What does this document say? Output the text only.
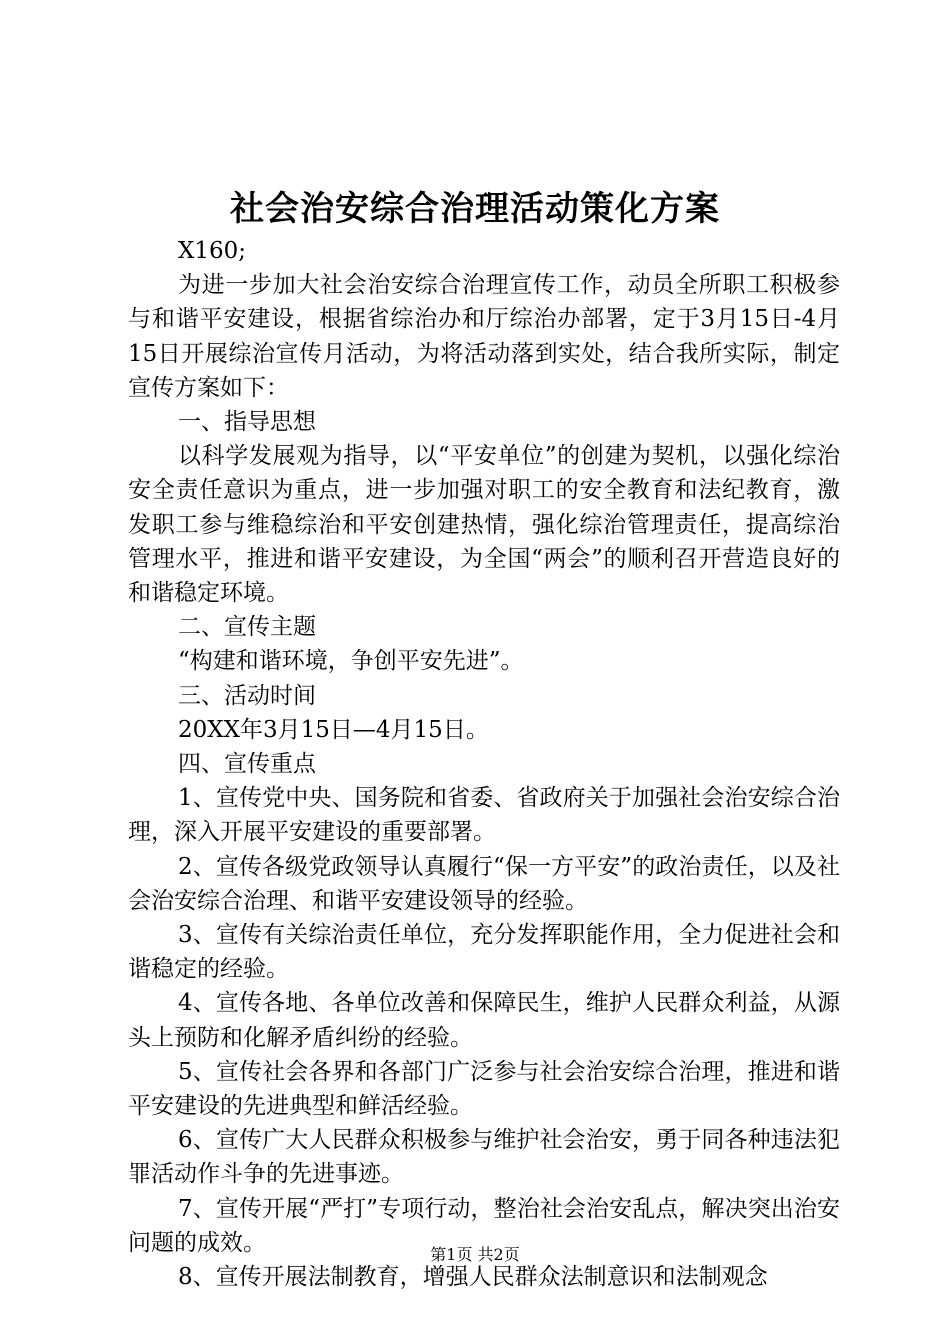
社会治安综合治理活动策化方案

X160;

为进一步加大社会治安综合治理宣传工作，动员全所职工积极参与和谐平安建设，根据省综治办和厅综治办部署，定于3月15日-4月15日开展综治宣传月活动，为将活动落到实处，结合我所实际，制定宣传方案如下：

一、指导思想

以科学发展观为指导，以“平安单位”的创建为契机，以强化综治安全责任意识为重点，进一步加强对职工的安全教育和法纪教育，激发职工参与维稳综治和平安创建热情，强化综治管理责任，提高综治管理水平，推进和谐平安建设，为全国“两会”的顺利召开营造良好的和谐稳定环境。

二、宣传主题

“构建和谐环境，争创平安先进”。

三、活动时间

20XX年3月15日—4月15日。

四、宣传重点

1、宣传党中央、国务院和省委、省政府关于加强社会治安综合治理，深入开展平安建设的重要部署。

2、宣传各级党政领导认真履行“保一方平安”的政治责任，以及社会治安综合治理、和谐平安建设领导的经验。

3、宣传有关综治责任单位，充分发挥职能作用，全力促进社会和谐稳定的经验。

4、宣传各地、各单位改善和保障民生，维护人民群众利益，从源头上预防和化解矛盾纠纷的经验。

5、宣传社会各界和各部门广泛参与社会治安综合治理，推进和谐平安建设的先进典型和鲜活经验。

6、宣传广大人民群众积极参与维护社会治安，勇于同各种违法犯罪活动作斗争的先进事迹。

7、宣传开展“严打”专项行动，整治社会治安乱点，解决突出治安问题的成效。

8、宣传开展法制教育，增强人民群众法制意识和法制观念

第1页 共2页
